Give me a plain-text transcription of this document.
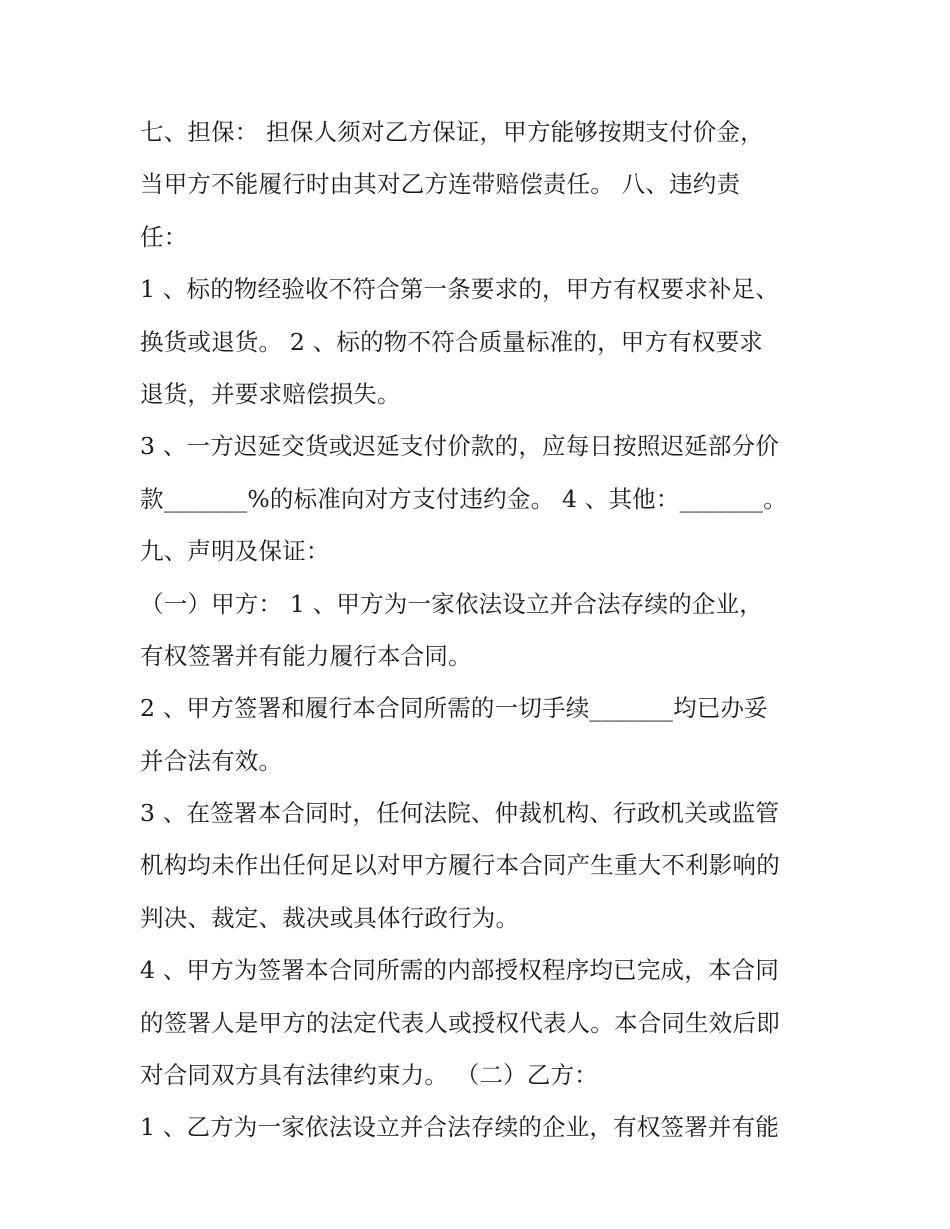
七、担保： 担保人须对乙方保证，甲方能够按期支付价金，
当甲方不能履行时由其对乙方连带赔偿责任。 八、违约责
任：
1 、标的物经验收不符合第一条要求的，甲方有权要求补足、
换货或退货。 2 、标的物不符合质量标准的，甲方有权要求
退货，并要求赔偿损失。
3 、一方迟延交货或迟延支付价款的，应每日按照迟延部分价
款_______%的标准向对方支付违约金。 4 、其他：_______。
九、声明及保证：
（一）甲方： 1 、甲方为一家依法设立并合法存续的企业，
有权签署并有能力履行本合同。
2 、甲方签署和履行本合同所需的一切手续_______均已办妥
并合法有效。
3 、在签署本合同时，任何法院、仲裁机构、行政机关或监管
机构均未作出任何足以对甲方履行本合同产生重大不利影响的
判决、裁定、裁决或具体行政行为。
4 、甲方为签署本合同所需的内部授权程序均已完成，本合同
的签署人是甲方的法定代表人或授权代表人。本合同生效后即
对合同双方具有法律约束力。 （二）乙方：
1 、乙方为一家依法设立并合法存续的企业，有权签署并有能
